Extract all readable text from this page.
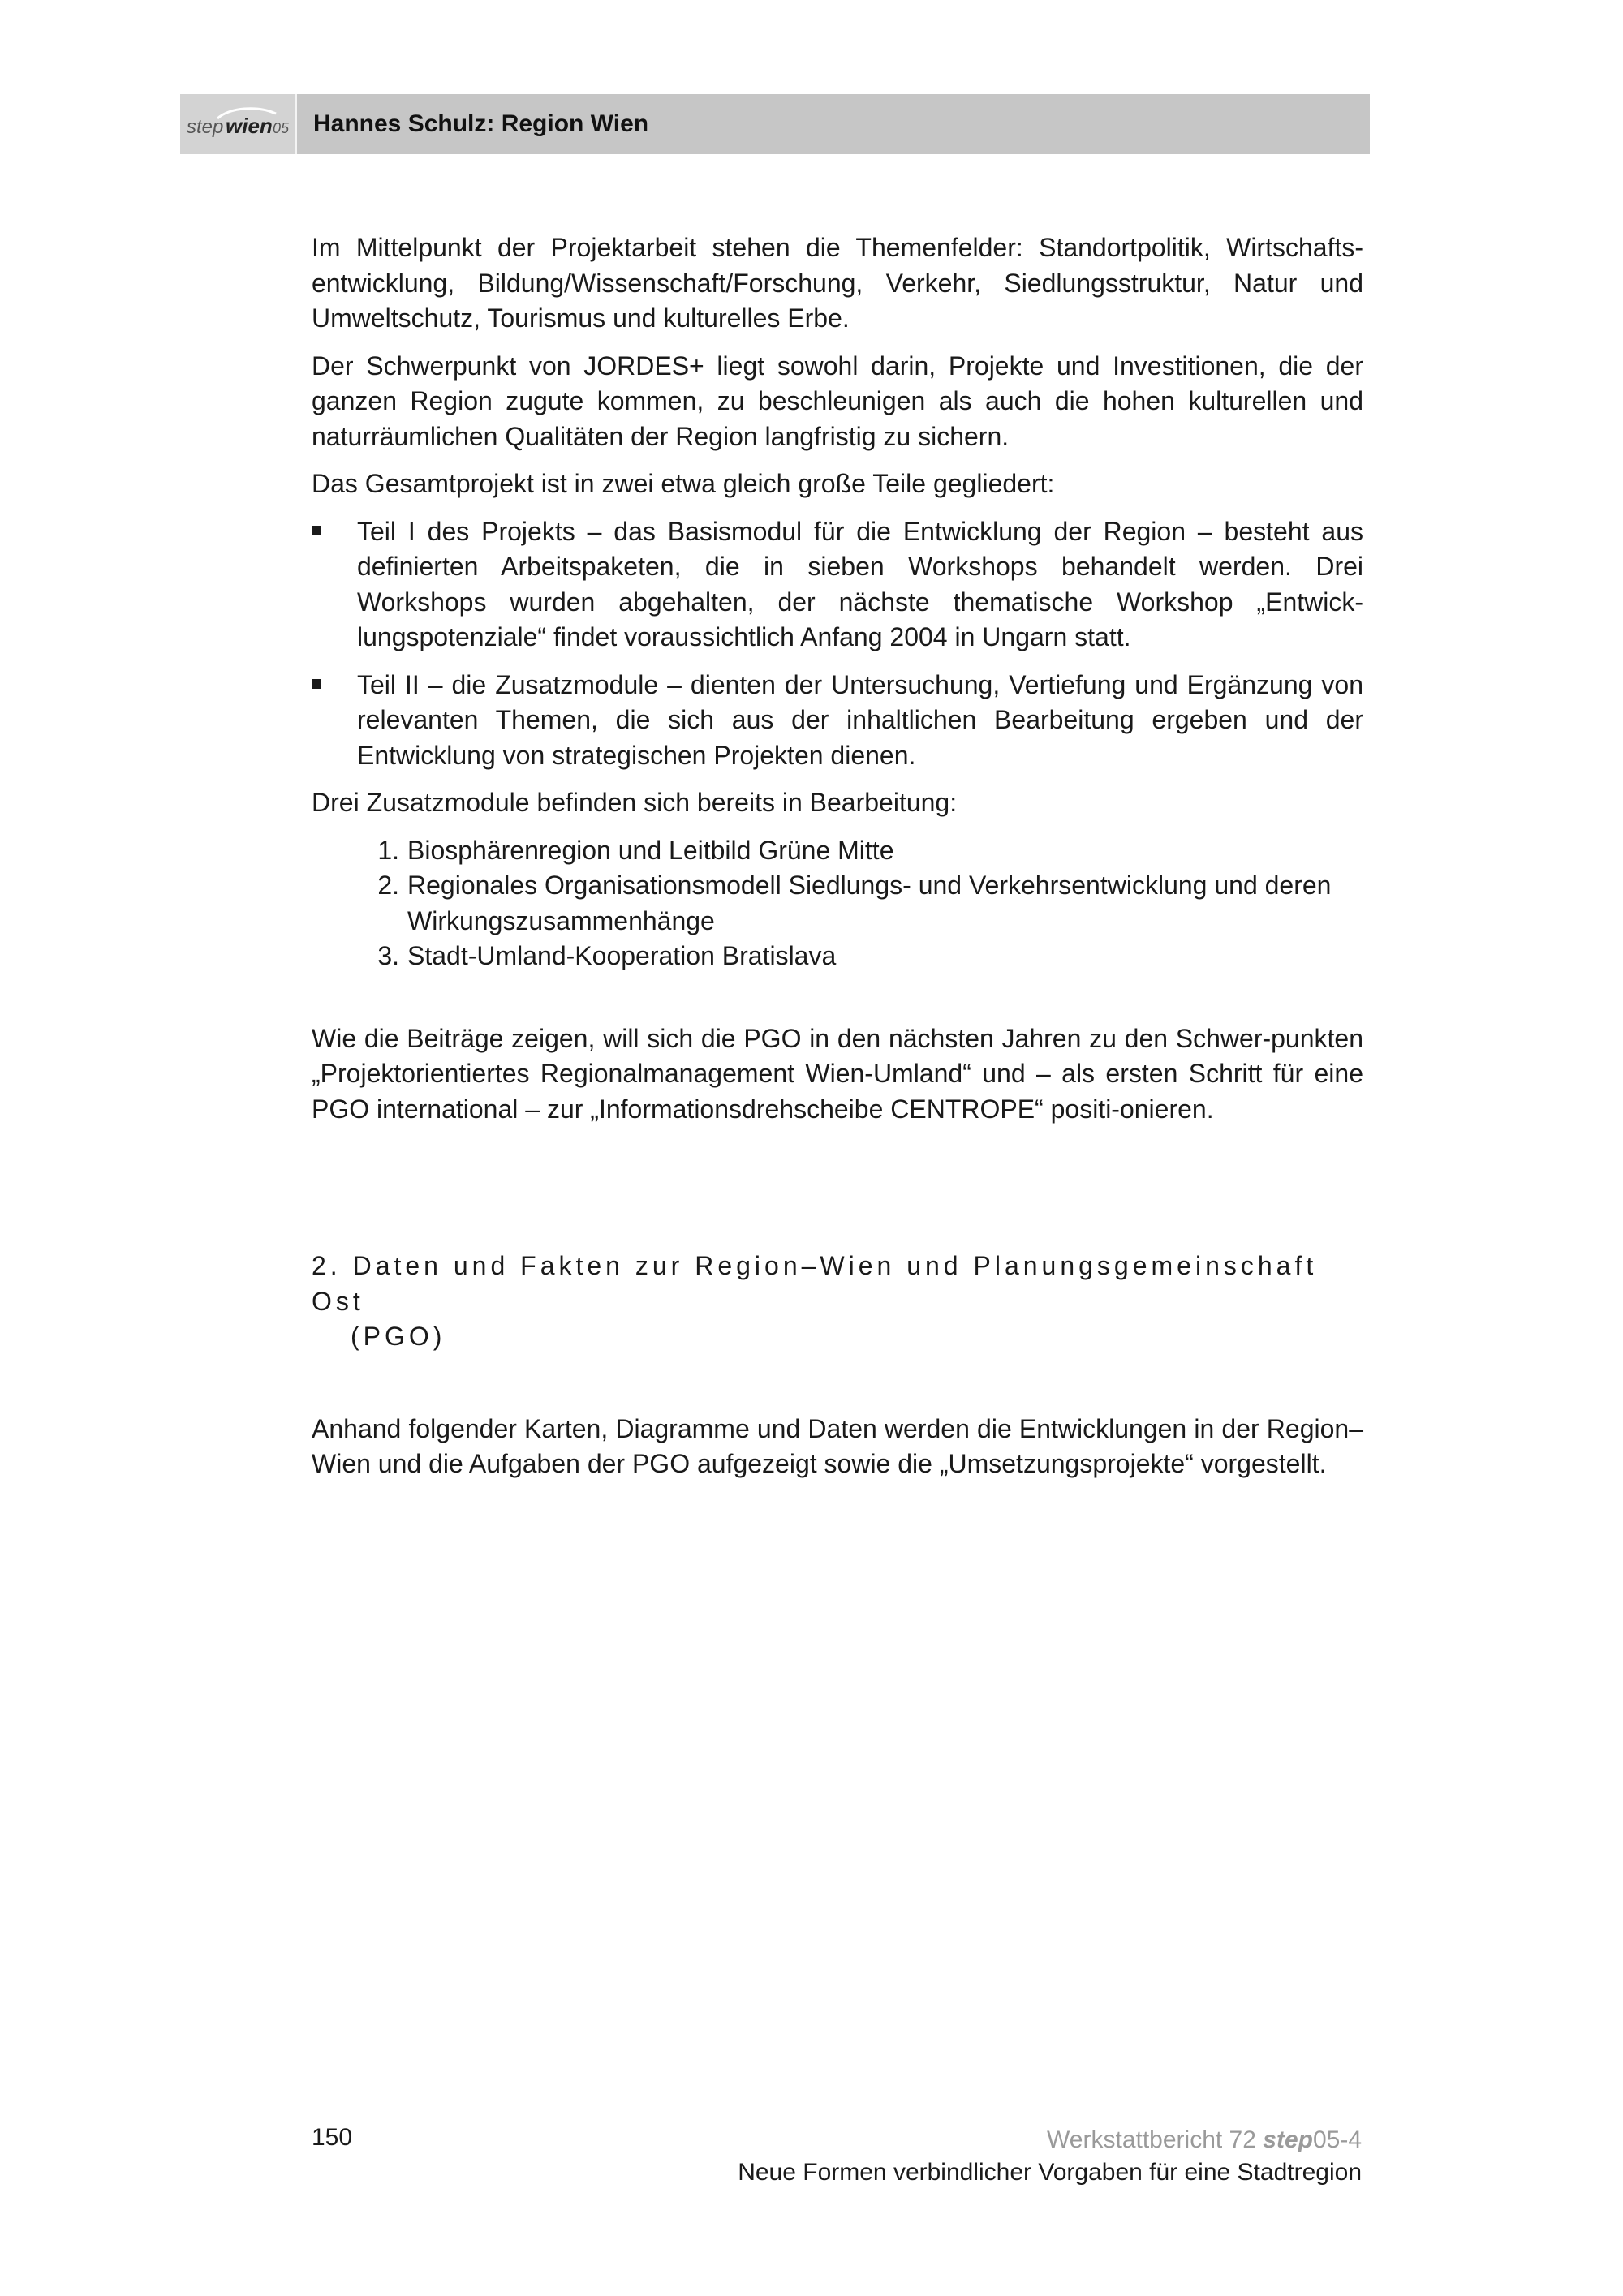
step wien 05 Hannes Schulz: Region Wien

Im Mittelpunkt der Projektarbeit stehen die Themenfelder: Standortpolitik, Wirtschafts-entwicklung, Bildung/Wissenschaft/Forschung, Verkehr, Siedlungsstruktur, Natur und Umweltschutz, Tourismus und kulturelles Erbe.

Der Schwerpunkt von JORDES+ liegt sowohl darin, Projekte und Investitionen, die der ganzen Region zugute kommen, zu beschleunigen als auch die hohen kulturellen und naturräumlichen Qualitäten der Region langfristig zu sichern.

Das Gesamtprojekt ist in zwei etwa gleich große Teile gegliedert:

Teil I des Projekts – das Basismodul für die Entwicklung der Region – besteht aus definierten Arbeitspaketen, die in sieben Workshops behandelt werden. Drei Workshops wurden abgehalten, der nächste thematische Workshop „Entwick-lungspotenziale“ findet voraussichtlich Anfang 2004 in Ungarn statt.
Teil II – die Zusatzmodule – dienten der Untersuchung, Vertiefung und Ergänzung von relevanten Themen, die sich aus der inhaltlichen Bearbeitung ergeben und der Entwicklung von strategischen Projekten dienen.

Drei Zusatzmodule befinden sich bereits in Bearbeitung:

1. Biosphärenregion und Leitbild Grüne Mitte
2. Regionales Organisationsmodell Siedlungs- und Verkehrsentwicklung und deren Wirkungszusammenhänge
3. Stadt-Umland-Kooperation Bratislava

Wie die Beiträge zeigen, will sich die PGO in den nächsten Jahren zu den Schwer-punkten „Projektorientiertes Regionalmanagement Wien-Umland“ und – als ersten Schritt für eine PGO international – zur „Informationsdrehscheibe CENTROPE“ positi-onieren.

2. Daten und Fakten zur Region–Wien und Planungsgemeinschaft Ost
(PGO)

Anhand folgender Karten, Diagramme und Daten werden die Entwicklungen in der Region–Wien und die Aufgaben der PGO aufgezeigt sowie die „Umsetzungsprojekte“ vorgestellt.

150	Werkstattbericht 72 step05-4
Neue Formen verbindlicher Vorgaben für eine Stadtregion
